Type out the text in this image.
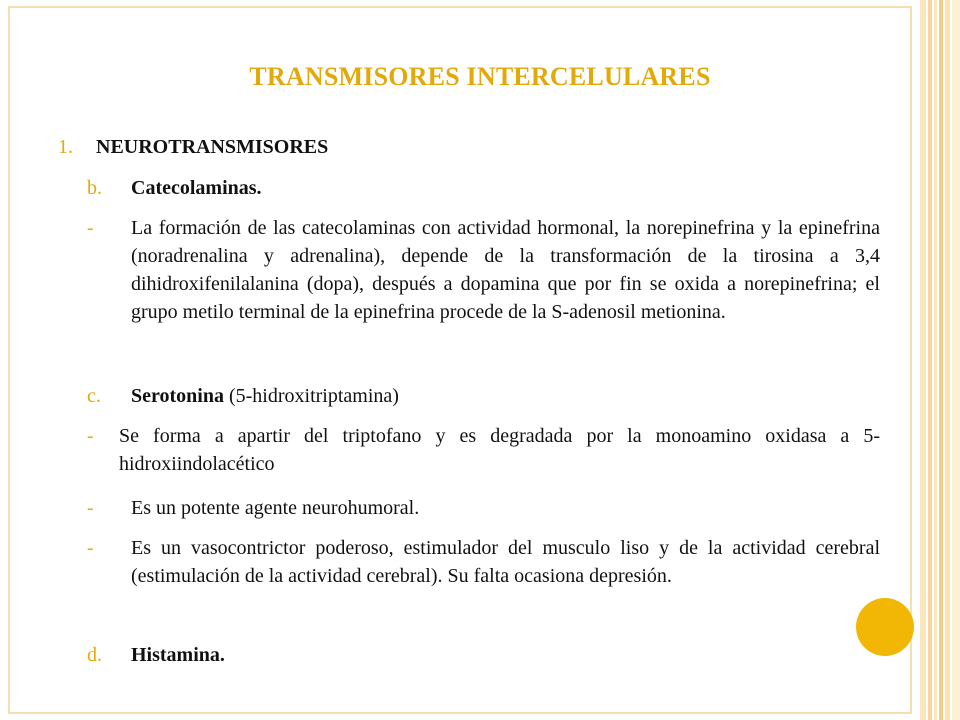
TRANSMISORES INTERCELULARES
1.	NEUROTRANSMISORES
b.	Catecolaminas.
-	La formación de las catecolaminas con actividad hormonal, la norepinefrina y la epinefrina (noradrenalina y adrenalina), depende de la transformación de la tirosina a 3,4 dihidroxifenilalanina (dopa), después a dopamina que por fin se oxida a norepinefrina; el grupo metilo terminal de la epinefrina procede de la S-adenosil metionina.
c.	Serotonina (5-hidroxitriptamina)
-	Se forma a apartir del triptofano y es degradada por la monoamino oxidasa a 5-hidroxiindolacético
-	Es un potente agente neurohumoral.
-	Es un vasocontrictor poderoso, estimulador del musculo liso y de la actividad cerebral (estimulación de la actividad cerebral). Su falta ocasiona depresión.
d.	Histamina.
